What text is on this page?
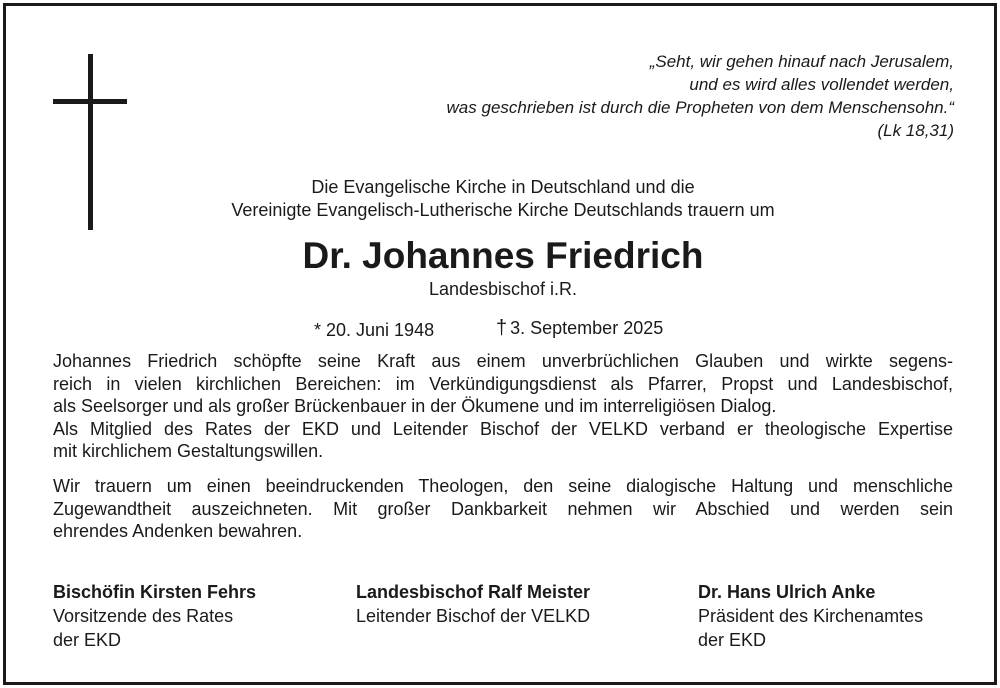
„Seht, wir gehen hinauf nach Jerusalem,
und es wird alles vollendet werden,
was geschrieben ist durch die Propheten von dem Menschensohn.“
(Lk 18,31)
Die Evangelische Kirche in Deutschland und die
Vereinigte Evangelisch-Lutherische Kirche Deutschlands trauern um
Dr. Johannes Friedrich
Landesbischof i.R.
* 20. Juni 1948	† 3. September 2025
Johannes Friedrich schöpfte seine Kraft aus einem unverbrüchlichen Glauben und wirkte segens-
reich in vielen kirchlichen Bereichen: im Verkündigungsdienst als Pfarrer, Propst und Landesbischof,
als Seelsorger und als großer Brückenbauer in der Ökumene und im interreligiösen Dialog.
Als Mitglied des Rates der EKD und Leitender Bischof der VELKD verband er theologische Expertise
mit kirchlichem Gestaltungswillen.
Wir trauern um einen beeindruckenden Theologen, den seine dialogische Haltung und menschliche
Zugewandtheit auszeichneten. Mit großer Dankbarkeit nehmen wir Abschied und werden sein
ehrendes Andenken bewahren.
Bischöfin Kirsten Fehrs
Vorsitzende des Rates
der EKD
Landesbischof Ralf Meister
Leitender Bischof der VELKD
Dr. Hans Ulrich Anke
Präsident des Kirchenamtes
der EKD
